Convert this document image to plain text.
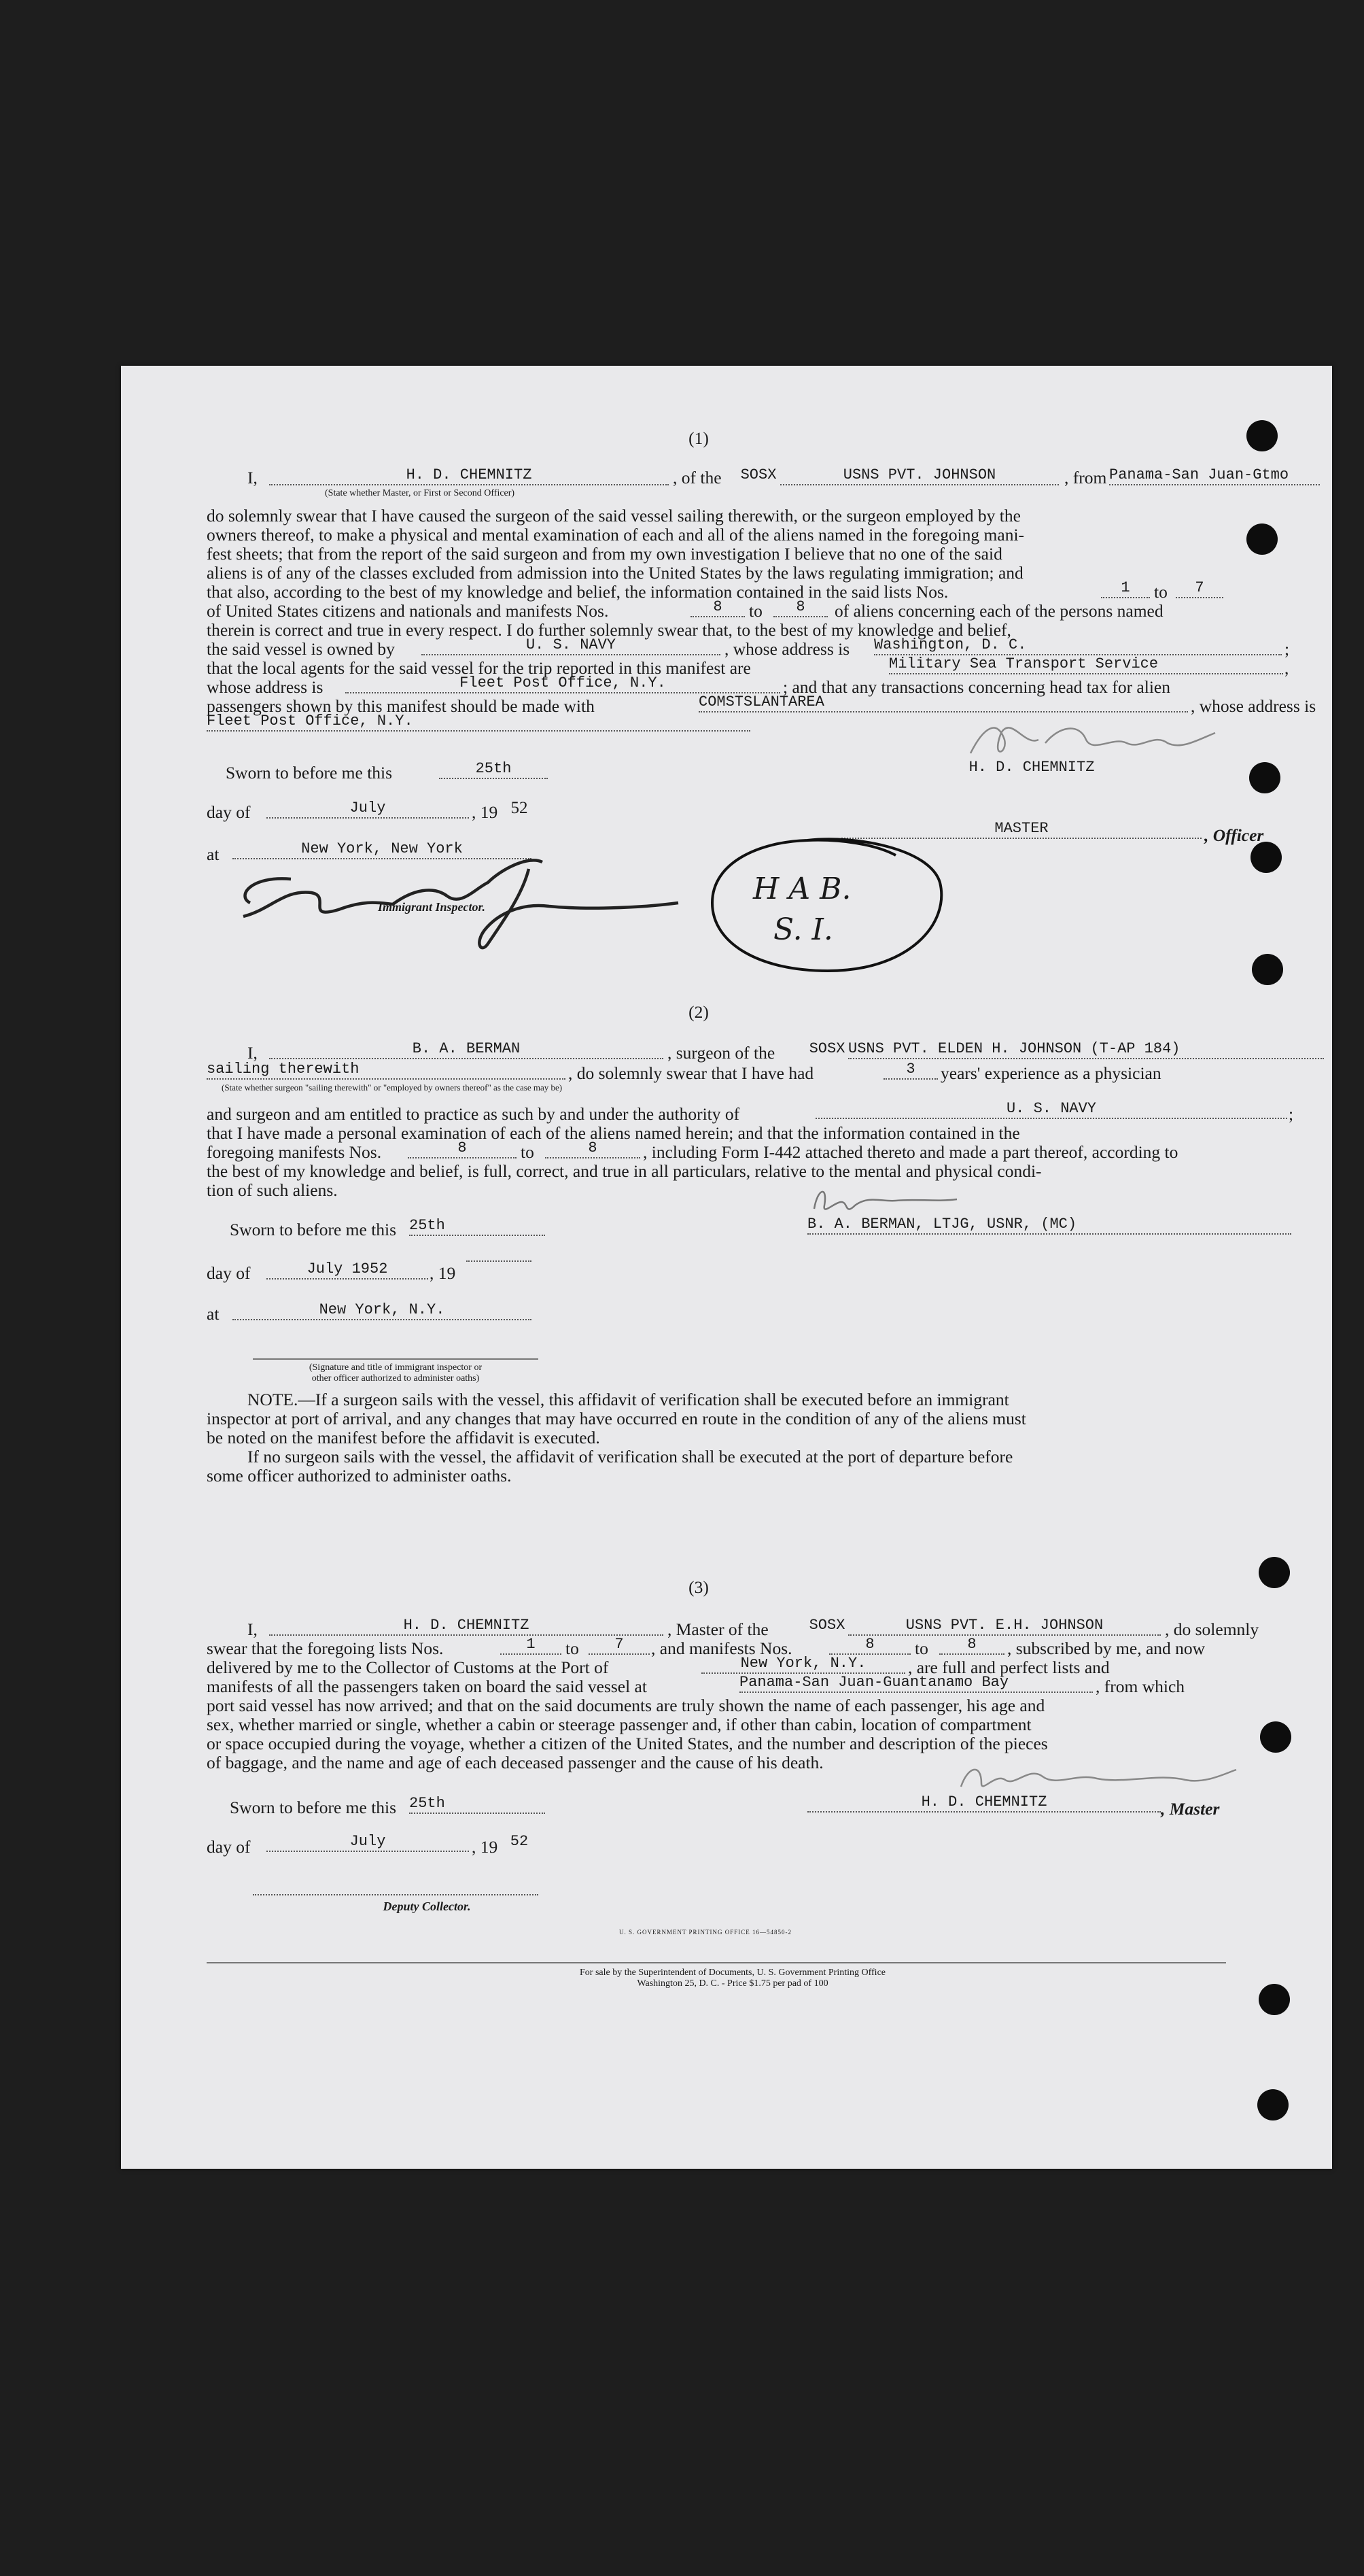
(1)
I,	H. D. CHEMNITZ
(State whether Master, or First or Second Officer)
, of the SOSX	USNS PVT. JOHNSON	, from Panama-San Juan-Gtmo
do solemnly swear that I have caused the surgeon of the said vessel sailing therewith, or the surgeon employed by the
owners thereof, to make a physical and mental examination of each and all of the aliens named in the foregoing mani-
fest sheets; that from the report of the said surgeon and from my own investigation I believe that no one of the said
aliens is of any of the classes excluded from admission into the United States by the laws regulating immigration; and
that also, according to the best of my knowledge and belief, the information contained in the said lists Nos.	1	to	7
of United States citizens and nationals and manifests Nos.	8	to	8	of aliens concerning each of the persons named
therein is correct and true in every respect. I do further solemnly swear that, to the best of my knowledge and belief,
the said vessel is owned by	U. S. NAVY	, whose address is Washington, D. C.	;
that the local agents for the said vessel for the trip reported in this manifest are	Military Sea Transport Service	,
whose address is	Fleet Post Office, N.Y.	; and that any transactions concerning head tax for alien
passengers shown by this manifest should be made with	COMSTSLANTAREA	, whose address is
Fleet Post Office, N.Y.
Sworn to before me this	25th	H. D. CHEMNITZ
day of	July	, 19 52
at	New York, New York
MASTER	, Officer
Immigrant Inspector.
H A B.
S. I.
(2)
I,	B. A. BERMAN	, surgeon of the SOSX USNS PVT. ELDEN H. JOHNSON (T-AP 184)
sailing therewith	, do solemnly swear that I have had	3	years' experience as a physician
(State whether surgeon "sailing therewith" or "employed by owners thereof" as the case may be)
and surgeon and am entitled to practice as such by and under the authority of	U. S. NAVY	;
that I have made a personal examination of each of the aliens named herein; and that the information contained in the
foregoing manifests Nos.	8	to	8	, including Form I-442 attached thereto and made a part thereof, according to
the best of my knowledge and belief, is full, correct, and true in all particulars, relative to the mental and physical condi-
tion of such aliens.
Sworn to before me this 25th	B. A. BERMAN, LTJG, USNR, (MC)
day of	July 1952	, 19
at	New York, N.Y.
(Signature and title of immigrant inspector or
other officer authorized to administer oaths)
NOTE.—If a surgeon sails with the vessel, this affidavit of verification shall be executed before an immigrant
inspector at port of arrival, and any changes that may have occurred en route in the condition of any of the aliens must
be noted on the manifest before the affidavit is executed.
If no surgeon sails with the vessel, the affidavit of verification shall be executed at the port of departure before
some officer authorized to administer oaths.
(3)
I,	H. D. CHEMNITZ	, Master of the	SOSX	USNS PVT. E.H. JOHNSON	, do solemnly
swear that the foregoing lists Nos.	1	to	7	, and manifests Nos.	8	to	8	, subscribed by me, and now
delivered by me to the Collector of Customs at the Port of	New York, N.Y.	, are full and perfect lists and
manifests of all the passengers taken on board the said vessel at	Panama-San Juan-Guantanamo Bay	, from which
port said vessel has now arrived; and that on the said documents are truly shown the name of each passenger, his age and
sex, whether married or single, whether a cabin or steerage passenger and, if other than cabin, location of compartment
or space occupied during the voyage, whether a citizen of the United States, and the number and description of the pieces
of baggage, and the name and age of each deceased passenger and the cause of his death.
Sworn to before me this 25th	H. D. CHEMNITZ	, Master
day of	July	, 19 52
Deputy Collector.
U. S. GOVERNMENT PRINTING OFFICE 16—54850-2
For sale by the Superintendent of Documents, U. S. Government Printing Office
Washington 25, D. C. - Price $1.75 per pad of 100
